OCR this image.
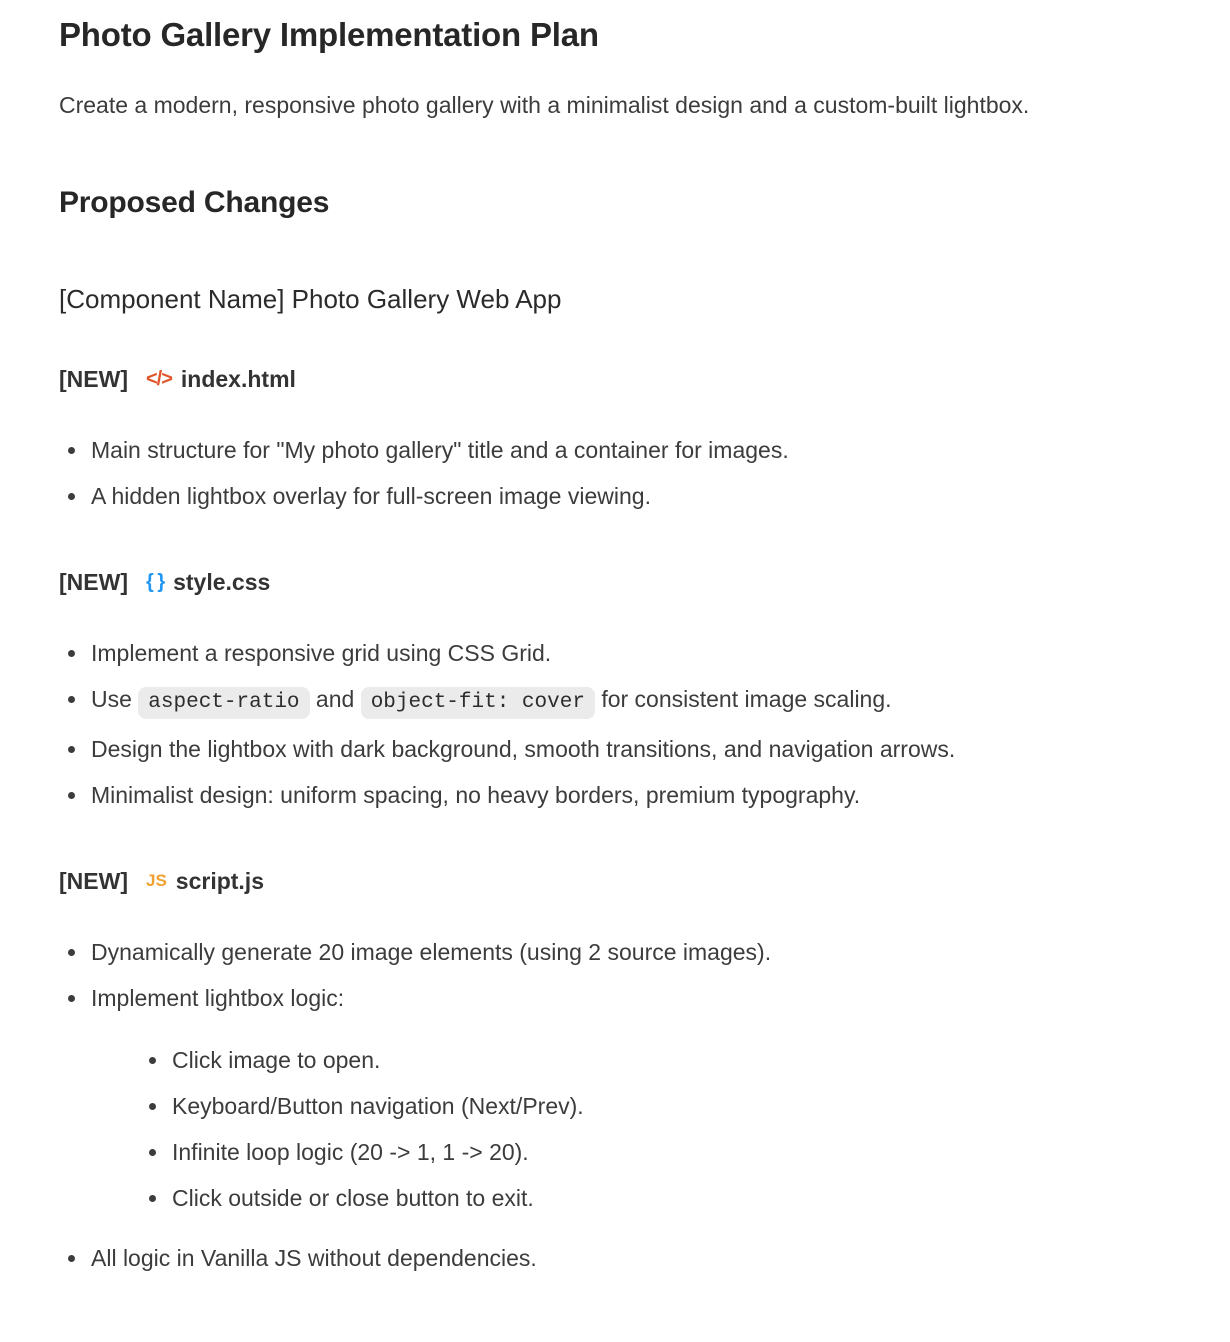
Photo Gallery Implementation Plan

Create a modern, responsive photo gallery with a minimalist design and a custom-built lightbox.

Proposed Changes
[Component Name] Photo Gallery Web App
[NEW] </> index.html
Main structure for "My photo gallery" title and a container for images.
A hidden lightbox overlay for full-screen image viewing.
[NEW] { } style.css
Implement a responsive grid using CSS Grid.
Use aspect-ratio and object-fit: cover for consistent image scaling.
Design the lightbox with dark background, smooth transitions, and navigation arrows.
Minimalist design: uniform spacing, no heavy borders, premium typography.
[NEW] JS script.js
Dynamically generate 20 image elements (using 2 source images).
Implement lightbox logic:
Click image to open.
Keyboard/Button navigation (Next/Prev).
Infinite loop logic (20 -> 1, 1 -> 20).
Click outside or close button to exit.
All logic in Vanilla JS without dependencies.
